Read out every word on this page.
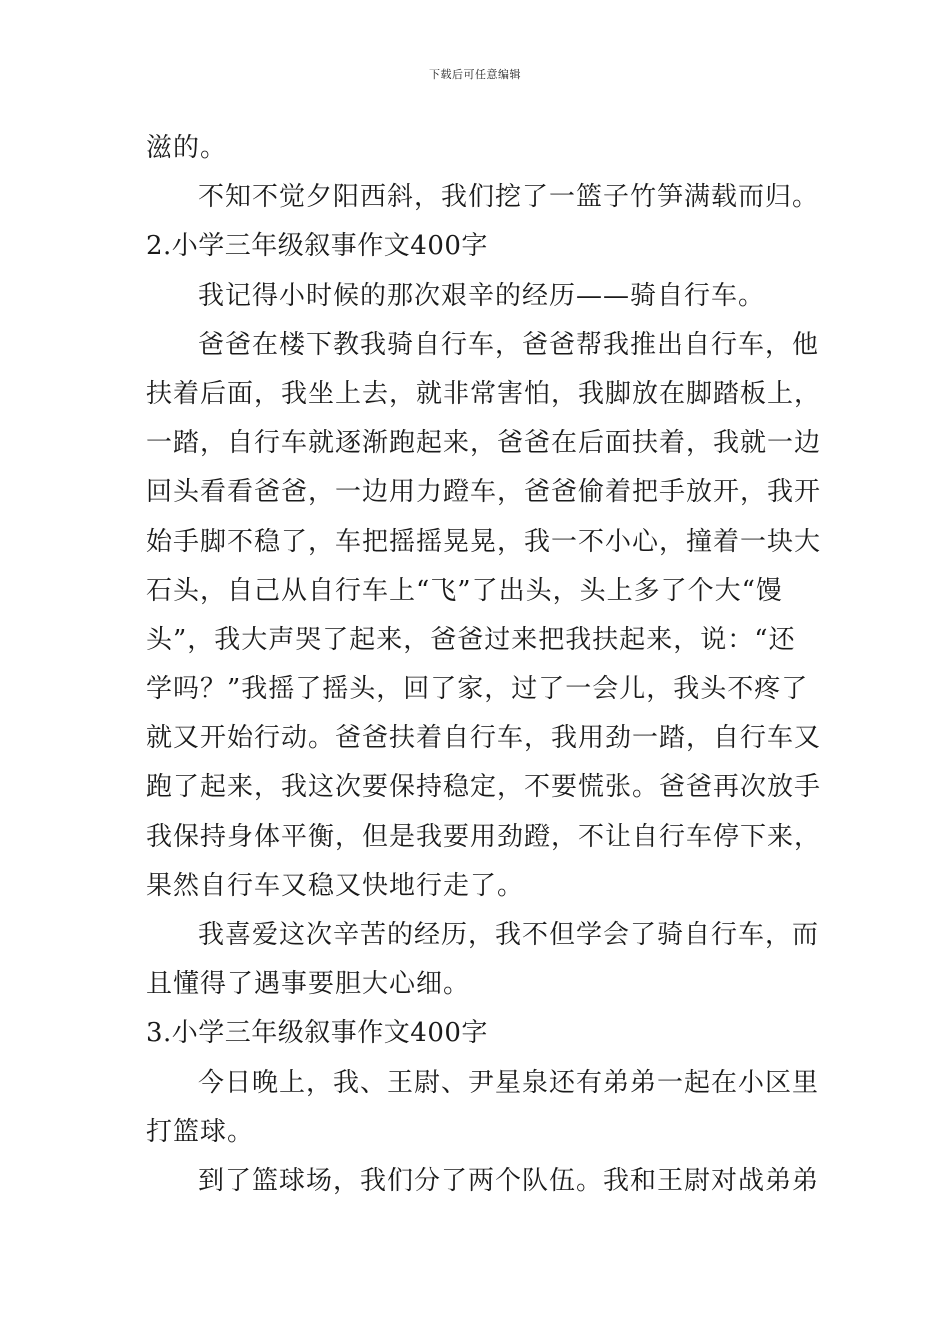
下载后可任意编辑
滋的。
不知不觉夕阳西斜，我们挖了一篮子竹笋满载而归。
2.小学三年级叙事作文400字
我记得小时候的那次艰辛的经历——骑自行车。
爸爸在楼下教我骑自行车，爸爸帮我推出自行车，他
扶着后面，我坐上去，就非常害怕，我脚放在脚踏板上，
一踏，自行车就逐渐跑起来，爸爸在后面扶着，我就一边
回头看看爸爸，一边用力蹬车，爸爸偷着把手放开，我开
始手脚不稳了，车把摇摇晃晃，我一不小心，撞着一块大
石头，自己从自行车上“飞”了出头，头上多了个大“馒
头”，我大声哭了起来，爸爸过来把我扶起来，说：“还
学吗？”我摇了摇头，回了家，过了一会儿，我头不疼了
就又开始行动。爸爸扶着自行车，我用劲一踏，自行车又
跑了起来，我这次要保持稳定，不要慌张。爸爸再次放手
我保持身体平衡，但是我要用劲蹬，不让自行车停下来，
果然自行车又稳又快地行走了。
我喜爱这次辛苦的经历，我不但学会了骑自行车，而
且懂得了遇事要胆大心细。
3.小学三年级叙事作文400字
今日晚上，我、王尉、尹星泉还有弟弟一起在小区里
打篮球。
到了篮球场，我们分了两个队伍。我和王尉对战弟弟
